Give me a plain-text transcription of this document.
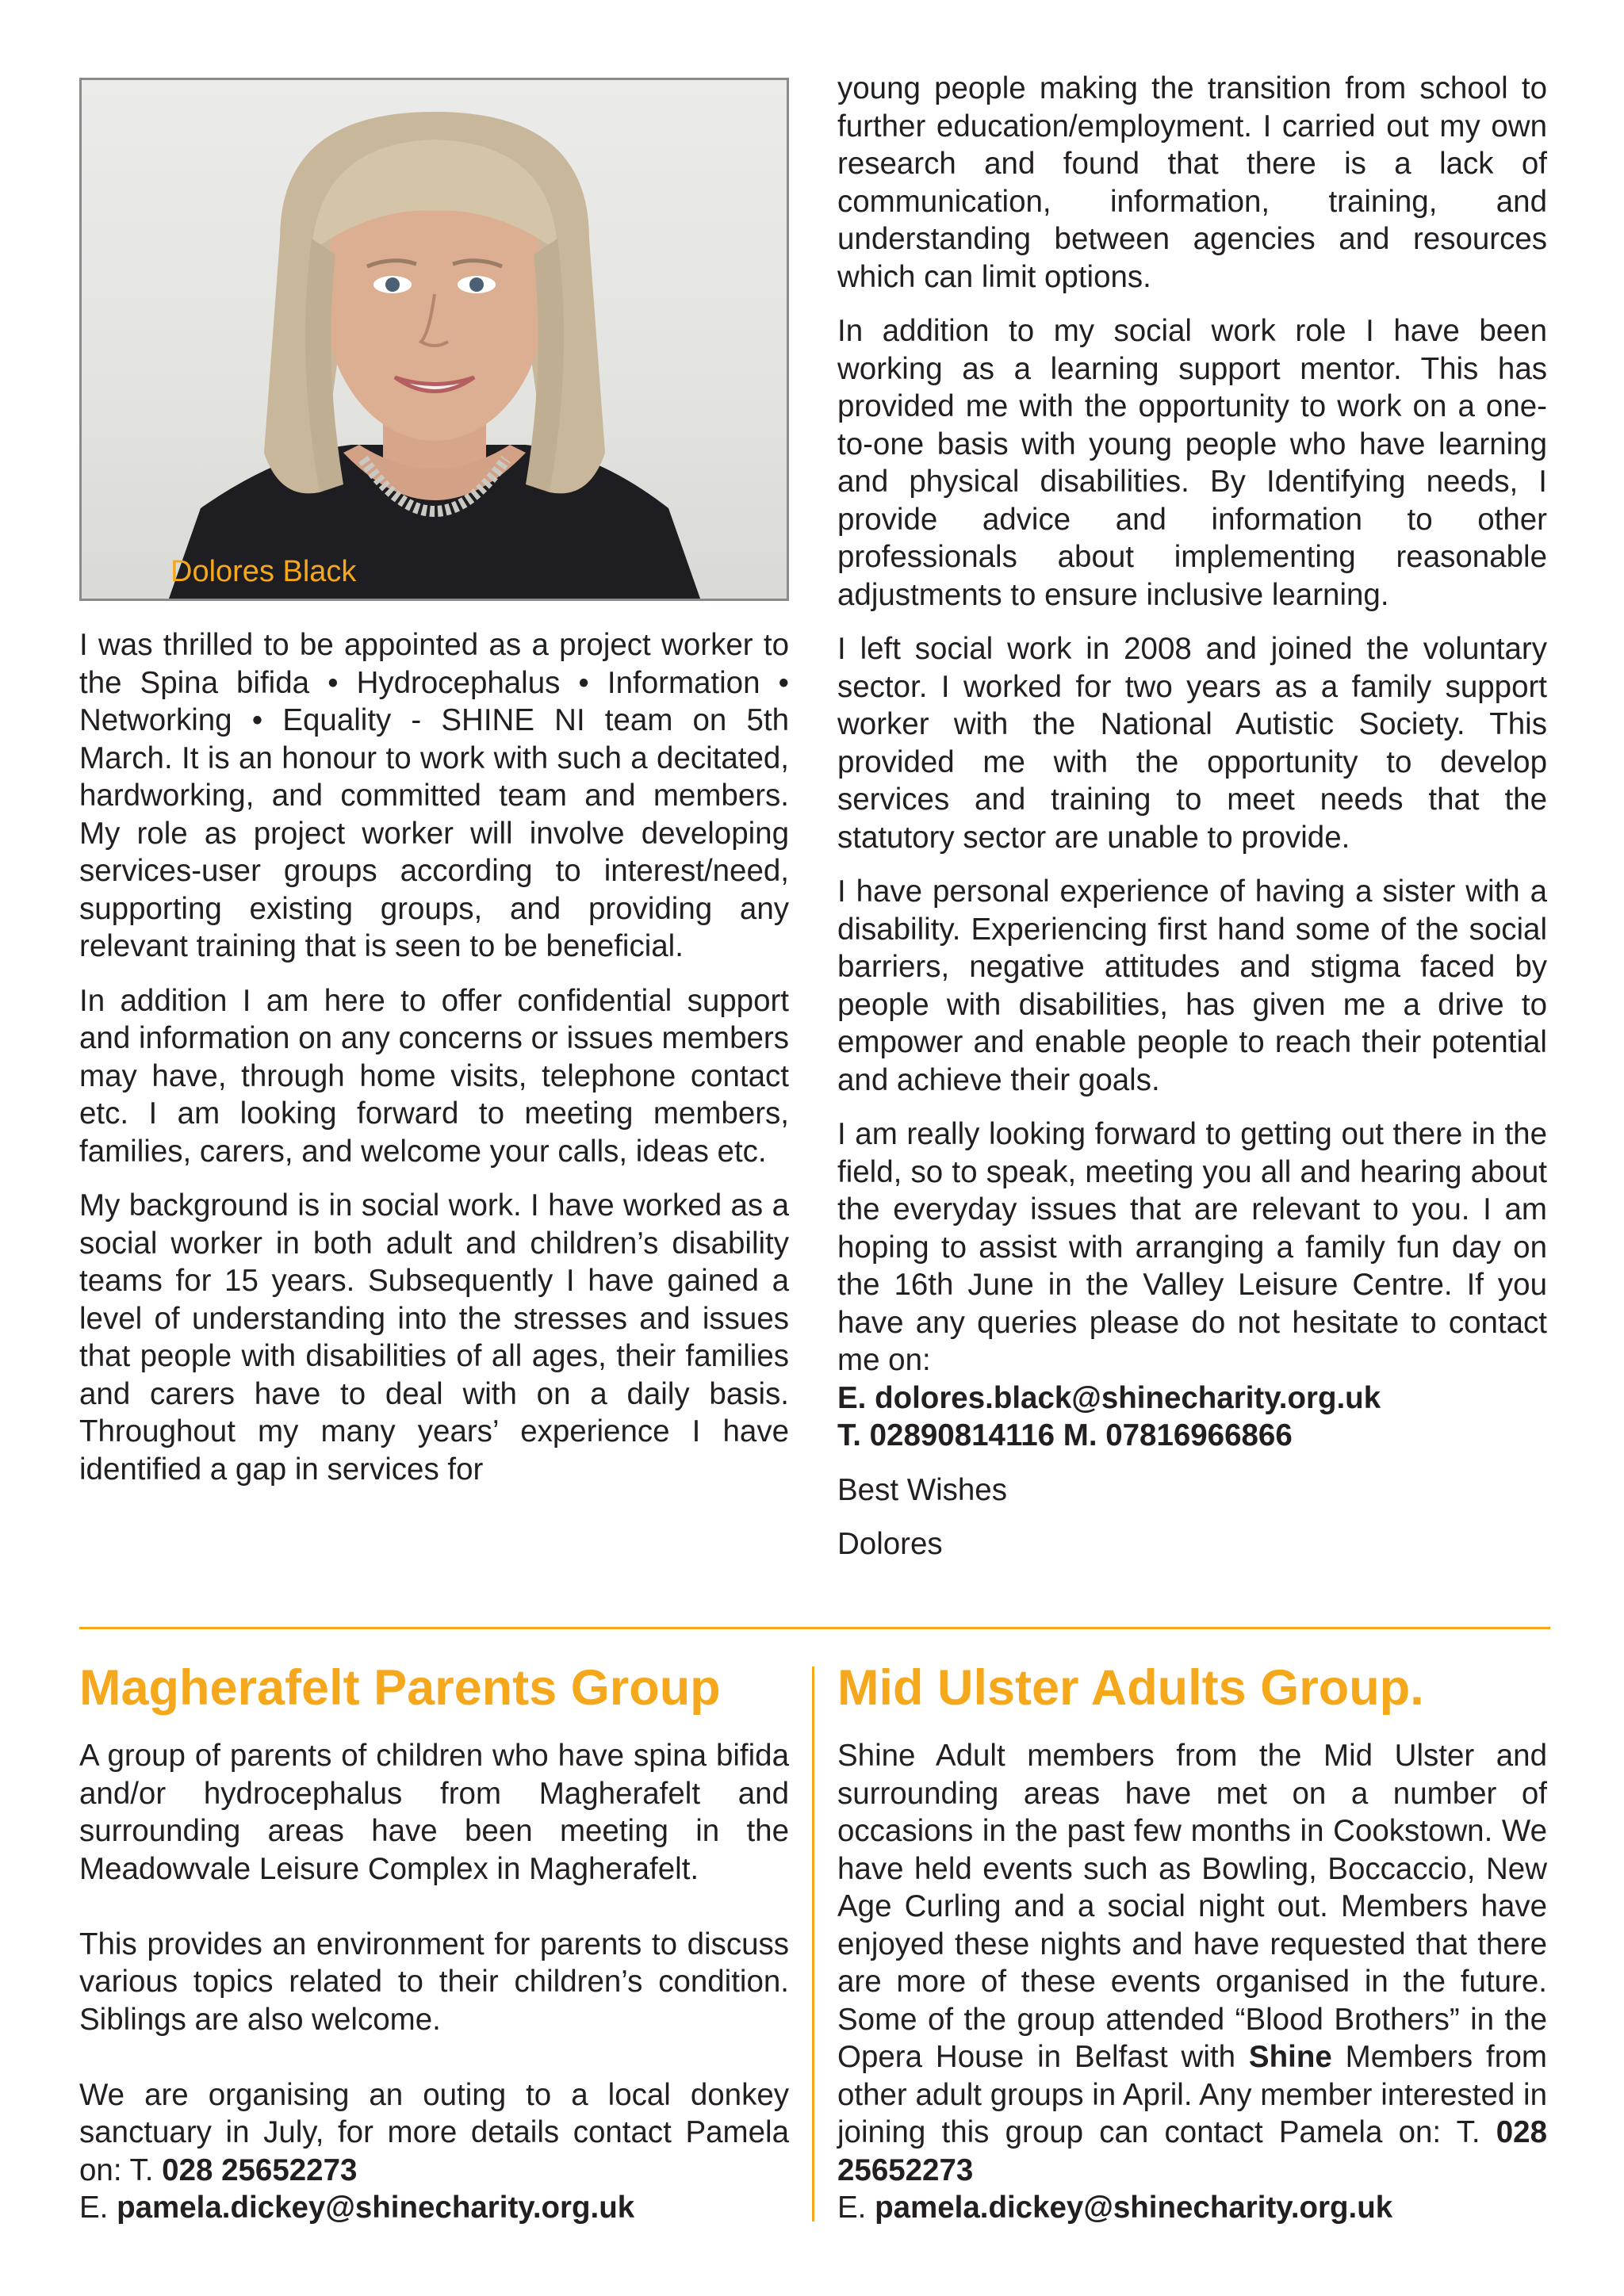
Dolores Black

I was thrilled to be appointed as a project worker to the Spina bifida • Hydrocephalus • Information • Networking • Equality - SHINE NI team on 5th March. It is an honour to work with such a decitated, hardworking, and committed team and members. My role as project worker will involve developing services-user groups according to interest/need, supporting existing groups, and providing any relevant training that is seen to be beneficial.

In addition I am here to offer confidential support and information on any concerns or issues members may have, through home visits, telephone contact etc. I am looking forward to meeting members, families, carers, and welcome your calls, ideas etc.

My background is in social work. I have worked as a social worker in both adult and children’s disability teams for 15 years. Subsequently I have gained a level of understanding into the stresses and issues that people with disabilities of all ages, their families and carers have to deal with on a daily basis. Throughout my many years’ experience I have identified a gap in services for

young people making the transition from school to further education/employment. I carried out my own research and found that there is a lack of communication, information, training, and understanding between agencies and resources which can limit options.

In addition to my social work role I have been working as a learning support mentor. This has provided me with the opportunity to work on a one-to-one basis with young people who have learning and physical disabilities. By Identifying needs, I provide advice and information to other professionals about implementing reasonable adjustments to ensure inclusive learning.

I left social work in 2008 and joined the voluntary sector. I worked for two years as a family support worker with the National Autistic Society. This provided me with the opportunity to develop services and training to meet needs that the statutory sector are unable to provide.

I have personal experience of having a sister with a disability. Experiencing first hand some of the social barriers, negative attitudes and stigma faced by people with disabilities, has given me a drive to empower and enable people to reach their potential and achieve their goals.

I am really looking forward to getting out there in the field, so to speak, meeting you all and hearing about the everyday issues that are relevant to you. I am hoping to assist with arranging a family fun day on the 16th June in the Valley Leisure Centre. If you have any queries please do not hesitate to contact me on:

E. dolores.black@shinecharity.org.uk

T. 02890814116 M. 07816966866

Best Wishes

Dolores

Magherafelt Parents Group

A group of parents of children who have spina bifida and/or hydrocephalus from Magherafelt and surrounding areas have been meeting in the Meadowvale Leisure Complex in Magherafelt.

This provides an environment for parents to discuss various topics related to their children’s condition. Siblings are also welcome.

We are organising an outing to a local donkey sanctuary in July, for more details contact Pamela on: T. 028 25652273

E. pamela.dickey@shinecharity.org.uk

Mid Ulster Adults Group.

Shine Adult members from the Mid Ulster and surrounding areas have met on a number of occasions in the past few months in Cookstown. We have held events such as Bowling, Boccaccio, New Age Curling and a social night out. Members have enjoyed these nights and have requested that there are more of these events organised in the future. Some of the group attended “Blood Brothers” in the Opera House in Belfast with Shine Members from other adult groups in April. Any member interested in joining this group can contact Pamela on: T. 028 25652273

E. pamela.dickey@shinecharity.org.uk
